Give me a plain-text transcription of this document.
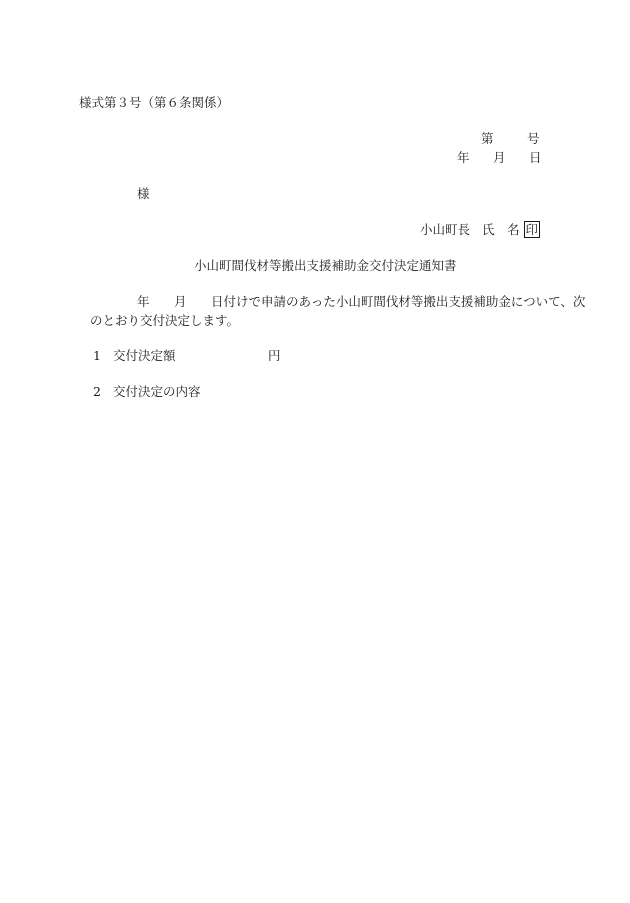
様式第３号（第６条関係）
第	号
年 月 日
様
小山町長 氏　名 印
小山町間伐材等搬出支援補助金交付決定通知書
年 月 日付けで申請のあった小山町間伐材等搬出支援補助金について、次
のとおり交付決定します。
1 交付決定額	円
2 交付決定の内容
